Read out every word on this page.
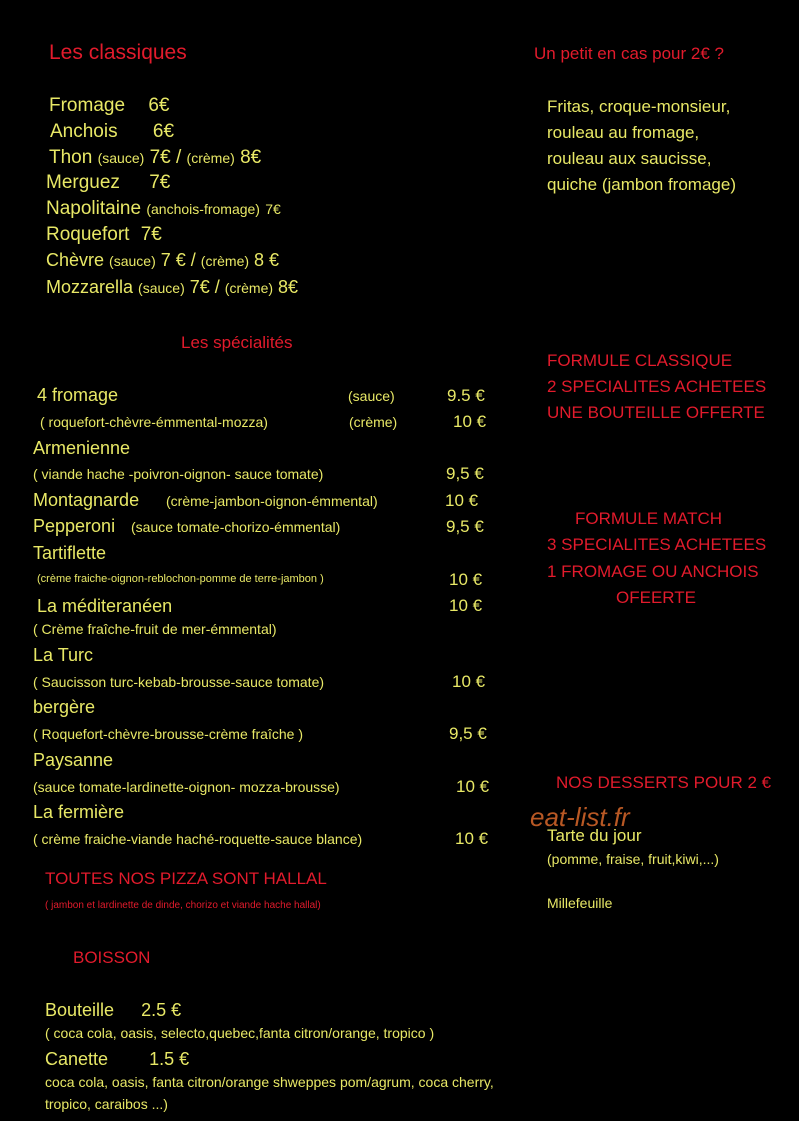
Les classiques
Fromage 6€
Anchois 6€
Thon (sauce) 7€ / (crème) 8€
Merguez 7€
Napolitaine (anchois-fromage) 7€
Roquefort 7€
Chèvre (sauce) 7 € / (crème) 8 €
Mozzarella (sauce) 7€ / (crème) 8€
Les spécialités
4 fromage	(sauce)	9.5 €
( roquefort-chèvre-émmental-mozza)	(crème)	10 €
Armenienne
( viande hache -poivron-oignon- sauce tomate)	9,5 €
Montagnarde (crème-jambon-oignon-émmental)	10 €
Pepperoni (sauce tomate-chorizo-émmental)	9,5 €
Tartiflette
(crème fraiche-oignon-reblochon-pomme de terre-jambon )	10 €
La méditeranéen	10 €
( Crème fraîche-fruit de mer-émmental)
La Turc
( Saucisson turc-kebab-brousse-sauce tomate)	10 €
bergère
( Roquefort-chèvre-brousse-crème fraîche )	9,5 €
Paysanne
(sauce tomate-lardinette-oignon- mozza-brousse)	10 €
La fermière
( crème fraiche-viande haché-roquette-sauce blance)	10 €
TOUTES NOS PIZZA SONT HALLAL
( jambon et lardinette de dinde, chorizo et viande hache hallal)
BOISSON
Bouteille 2.5 €
( coca cola, oasis, selecto,quebec,fanta citron/orange, tropico )
Canette 1.5 €
coca cola, oasis, fanta citron/orange shweppes pom/agrum, coca cherry,
tropico, caraibos ...)
Un petit en cas pour 2€ ?
Fritas, croque-monsieur,
rouleau au fromage,
rouleau aux saucisse,
quiche (jambon fromage)
FORMULE CLASSIQUE
2 SPECIALITES ACHETEES
UNE BOUTEILLE OFFERTE
FORMULE MATCH
3 SPECIALITES ACHETEES
1 FROMAGE OU ANCHOIS
OFEERTE
NOS DESSERTS POUR 2 €
eat-list.fr
Tarte du jour
(pomme, fraise, fruit,kiwi,...)
Millefeuille
